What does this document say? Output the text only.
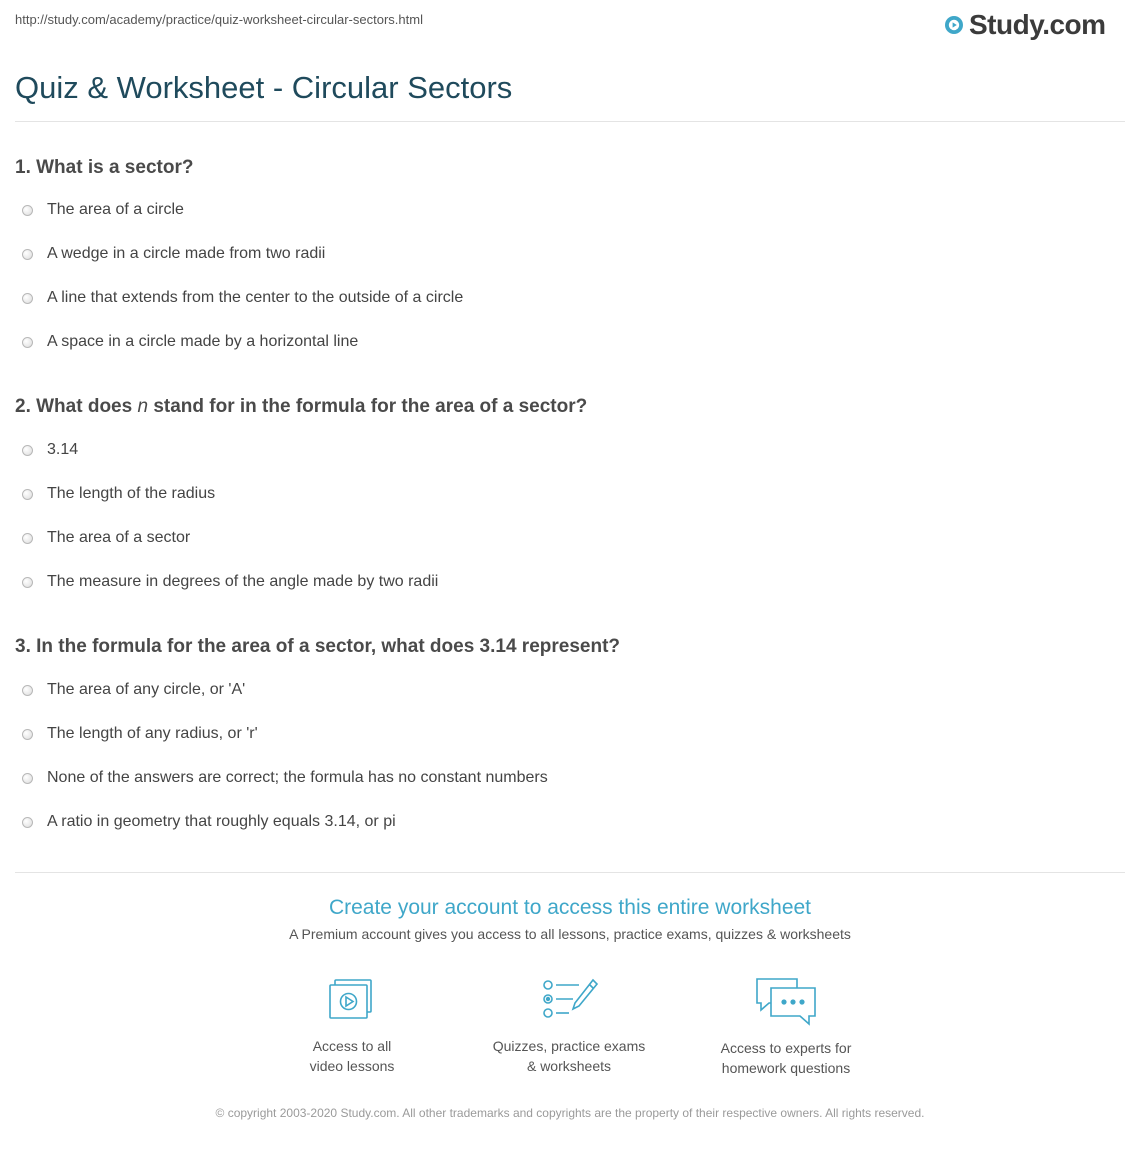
http://study.com/academy/practice/quiz-worksheet-circular-sectors.html	Study.com
Quiz & Worksheet - Circular Sectors
1. What is a sector?
The area of a circle
A wedge in a circle made from two radii
A line that extends from the center to the outside of a circle
A space in a circle made by a horizontal line
2. What does n stand for in the formula for the area of a sector?
3.14
The length of the radius
The area of a sector
The measure in degrees of the angle made by two radii
3. In the formula for the area of a sector, what does 3.14 represent?
The area of any circle, or 'A'
The length of any radius, or 'r'
None of the answers are correct; the formula has no constant numbers
A ratio in geometry that roughly equals 3.14, or pi
Create your account to access this entire worksheet
A Premium account gives you access to all lessons, practice exams, quizzes & worksheets
Access to all
video lessons
Quizzes, practice exams
& worksheets
Access to experts for
homework questions
© copyright 2003-2020 Study.com. All other trademarks and copyrights are the property of their respective owners. All rights reserved.
